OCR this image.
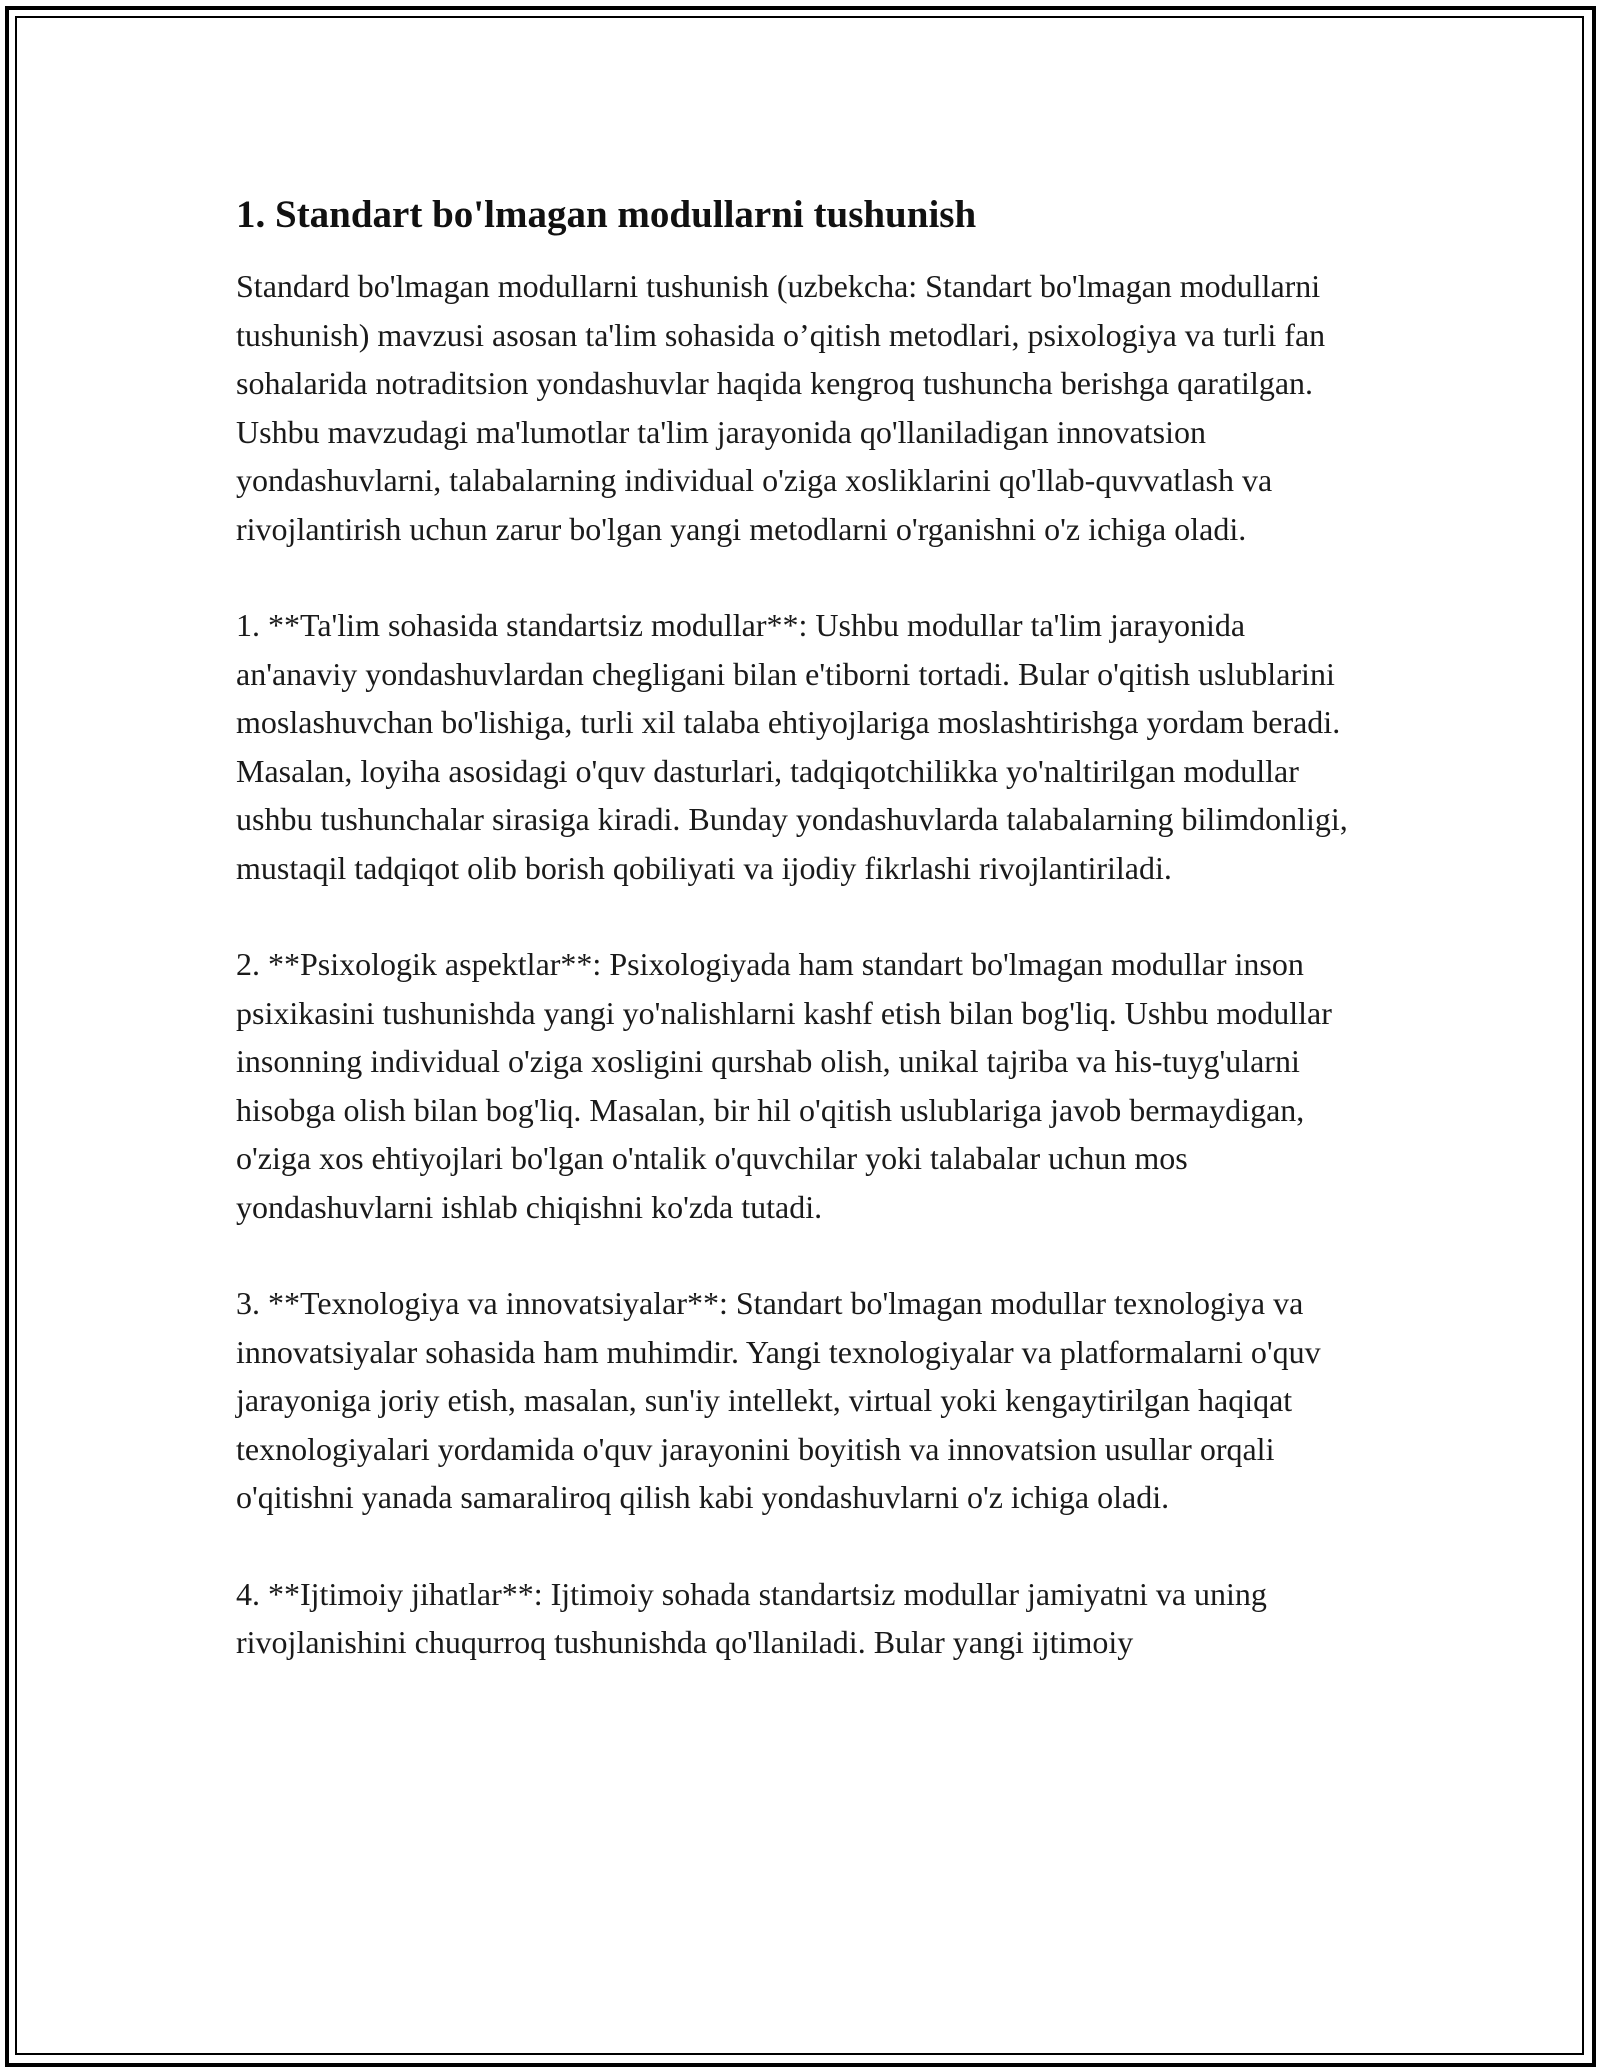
1. Standart bo'lmagan modullarni tushunish

Standard bo'lmagan modullarni tushunish (uzbekcha: Standart bo'lmagan modullarni tushunish) mavzusi asosan ta'lim sohasida o’qitish metodlari, psixologiya va turli fan sohalarida notraditsion yondashuvlar haqida kengroq tushuncha berishga qaratilgan. Ushbu mavzudagi ma'lumotlar ta'lim jarayonida qo'llaniladigan innovatsion yondashuvlarni, talabalarning individual o'ziga xosliklarini qo'llab-quvvatlash va rivojlantirish uchun zarur bo'lgan yangi metodlarni o'rganishni o'z ichiga oladi.

1. **Ta'lim sohasida standartsiz modullar**: Ushbu modullar ta'lim jarayonida an'anaviy yondashuvlardan chegligani bilan e'tiborni tortadi. Bular o'qitish uslublarini moslashuvchan bo'lishiga, turli xil talaba ehtiyojlariga moslashtirishga yordam beradi. Masalan, loyiha asosidagi o'quv dasturlari, tadqiqotchilikka yo'naltirilgan modullar ushbu tushunchalar sirasiga kiradi. Bunday yondashuvlarda talabalarning bilimdonligi, mustaqil tadqiqot olib borish qobiliyati va ijodiy fikrlashi rivojlantiriladi.

2. **Psixologik aspektlar**: Psixologiyada ham standart bo'lmagan modullar inson psixikasini tushunishda yangi yo'nalishlarni kashf etish bilan bog'liq. Ushbu modullar insonning individual o'ziga xosligini qurshab olish, unikal tajriba va his-tuyg'ularni hisobga olish bilan bog'liq. Masalan, bir hil o'qitish uslublariga javob bermaydigan, o'ziga xos ehtiyojlari bo'lgan o'ntalik o'quvchilar yoki talabalar uchun mos yondashuvlarni ishlab chiqishni ko'zda tutadi.

3. **Texnologiya va innovatsiyalar**: Standart bo'lmagan modullar texnologiya va innovatsiyalar sohasida ham muhimdir. Yangi texnologiyalar va platformalarni o'quv jarayoniga joriy etish, masalan, sun'iy intellekt, virtual yoki kengaytirilgan haqiqat texnologiyalari yordamida o'quv jarayonini boyitish va innovatsion usullar orqali o'qitishni yanada samaraliroq qilish kabi yondashuvlarni o'z ichiga oladi.

4. **Ijtimoiy jihatlar**: Ijtimoiy sohada standartsiz modullar jamiyatni va uning rivojlanishini chuqurroq tushunishda qo'llaniladi. Bular yangi ijtimoiy
